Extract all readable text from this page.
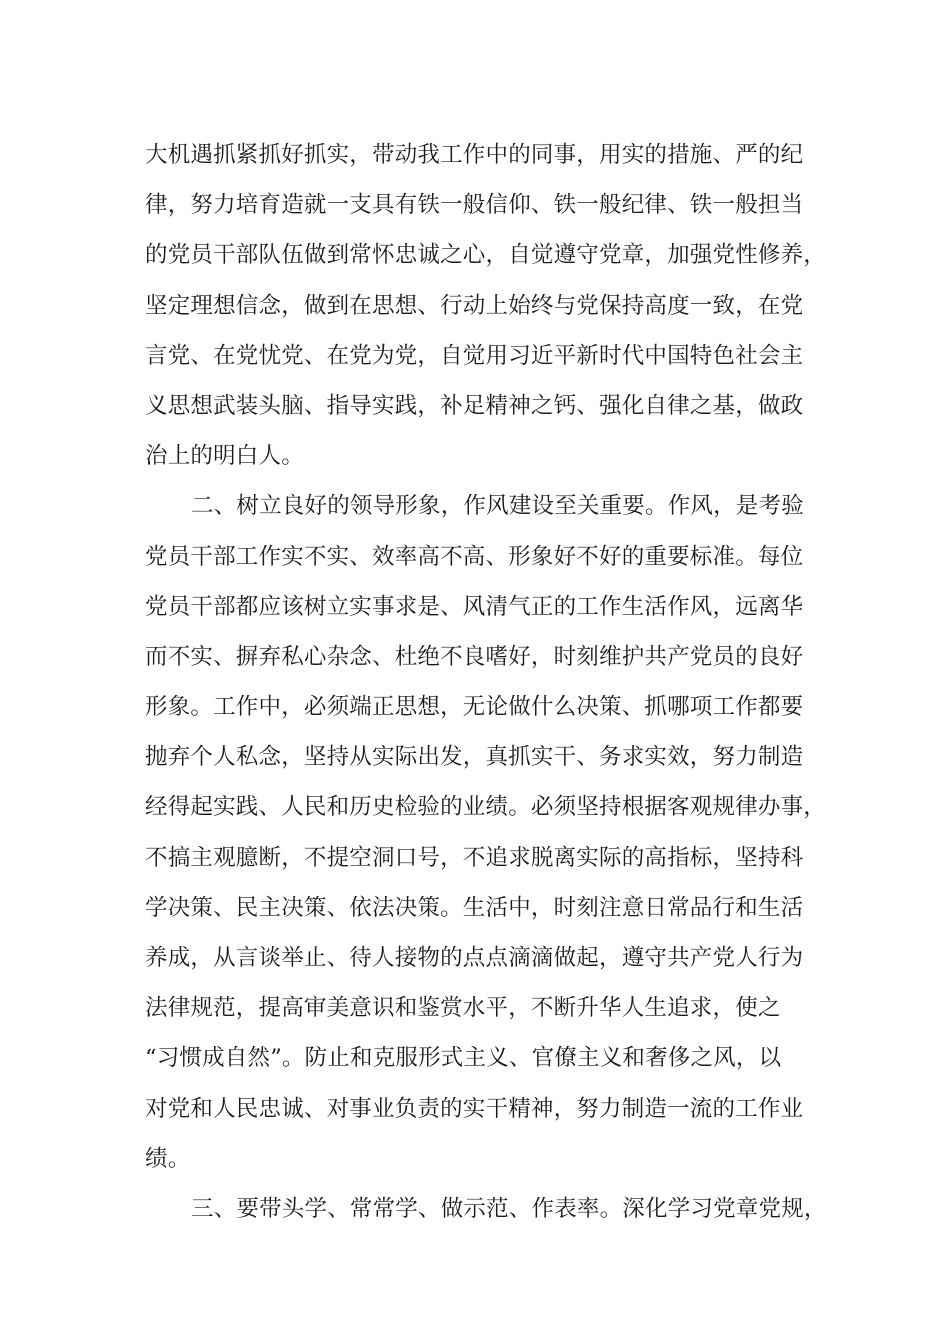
大机遇抓紧抓好抓实，带动我工作中的同事，用实的措施、严的纪
律，努力培育造就一支具有铁一般信仰、铁一般纪律、铁一般担当
的党员干部队伍做到常怀忠诚之心，自觉遵守党章，加强党性修养，
坚定理想信念，做到在思想、行动上始终与党保持高度一致，在党
言党、在党忧党、在党为党，自觉用习近平新时代中国特色社会主
义思想武装头脑、指导实践，补足精神之钙、强化自律之基，做政
治上的明白人。
二、树立良好的领导形象，作风建设至关重要。作风，是考验
党员干部工作实不实、效率高不高、形象好不好的重要标准。每位
党员干部都应该树立实事求是、风清气正的工作生活作风，远离华
而不实、摒弃私心杂念、杜绝不良嗜好，时刻维护共产党员的良好
形象。工作中，必须端正思想，无论做什么决策、抓哪项工作都要
抛弃个人私念，坚持从实际出发，真抓实干、务求实效，努力制造
经得起实践、人民和历史检验的业绩。必须坚持根据客观规律办事，
不搞主观臆断，不提空洞口号，不追求脱离实际的高指标，坚持科
学决策、民主决策、依法决策。生活中，时刻注意日常品行和生活
养成，从言谈举止、待人接物的点点滴滴做起，遵守共产党人行为
法律规范，提高审美意识和鉴赏水平，不断升华人生追求，使之
“习惯成自然”。防止和克服形式主义、官僚主义和奢侈之风，以
对党和人民忠诚、对事业负责的实干精神，努力制造一流的工作业
绩。
三、要带头学、常常学、做示范、作表率。深化学习党章党规，
